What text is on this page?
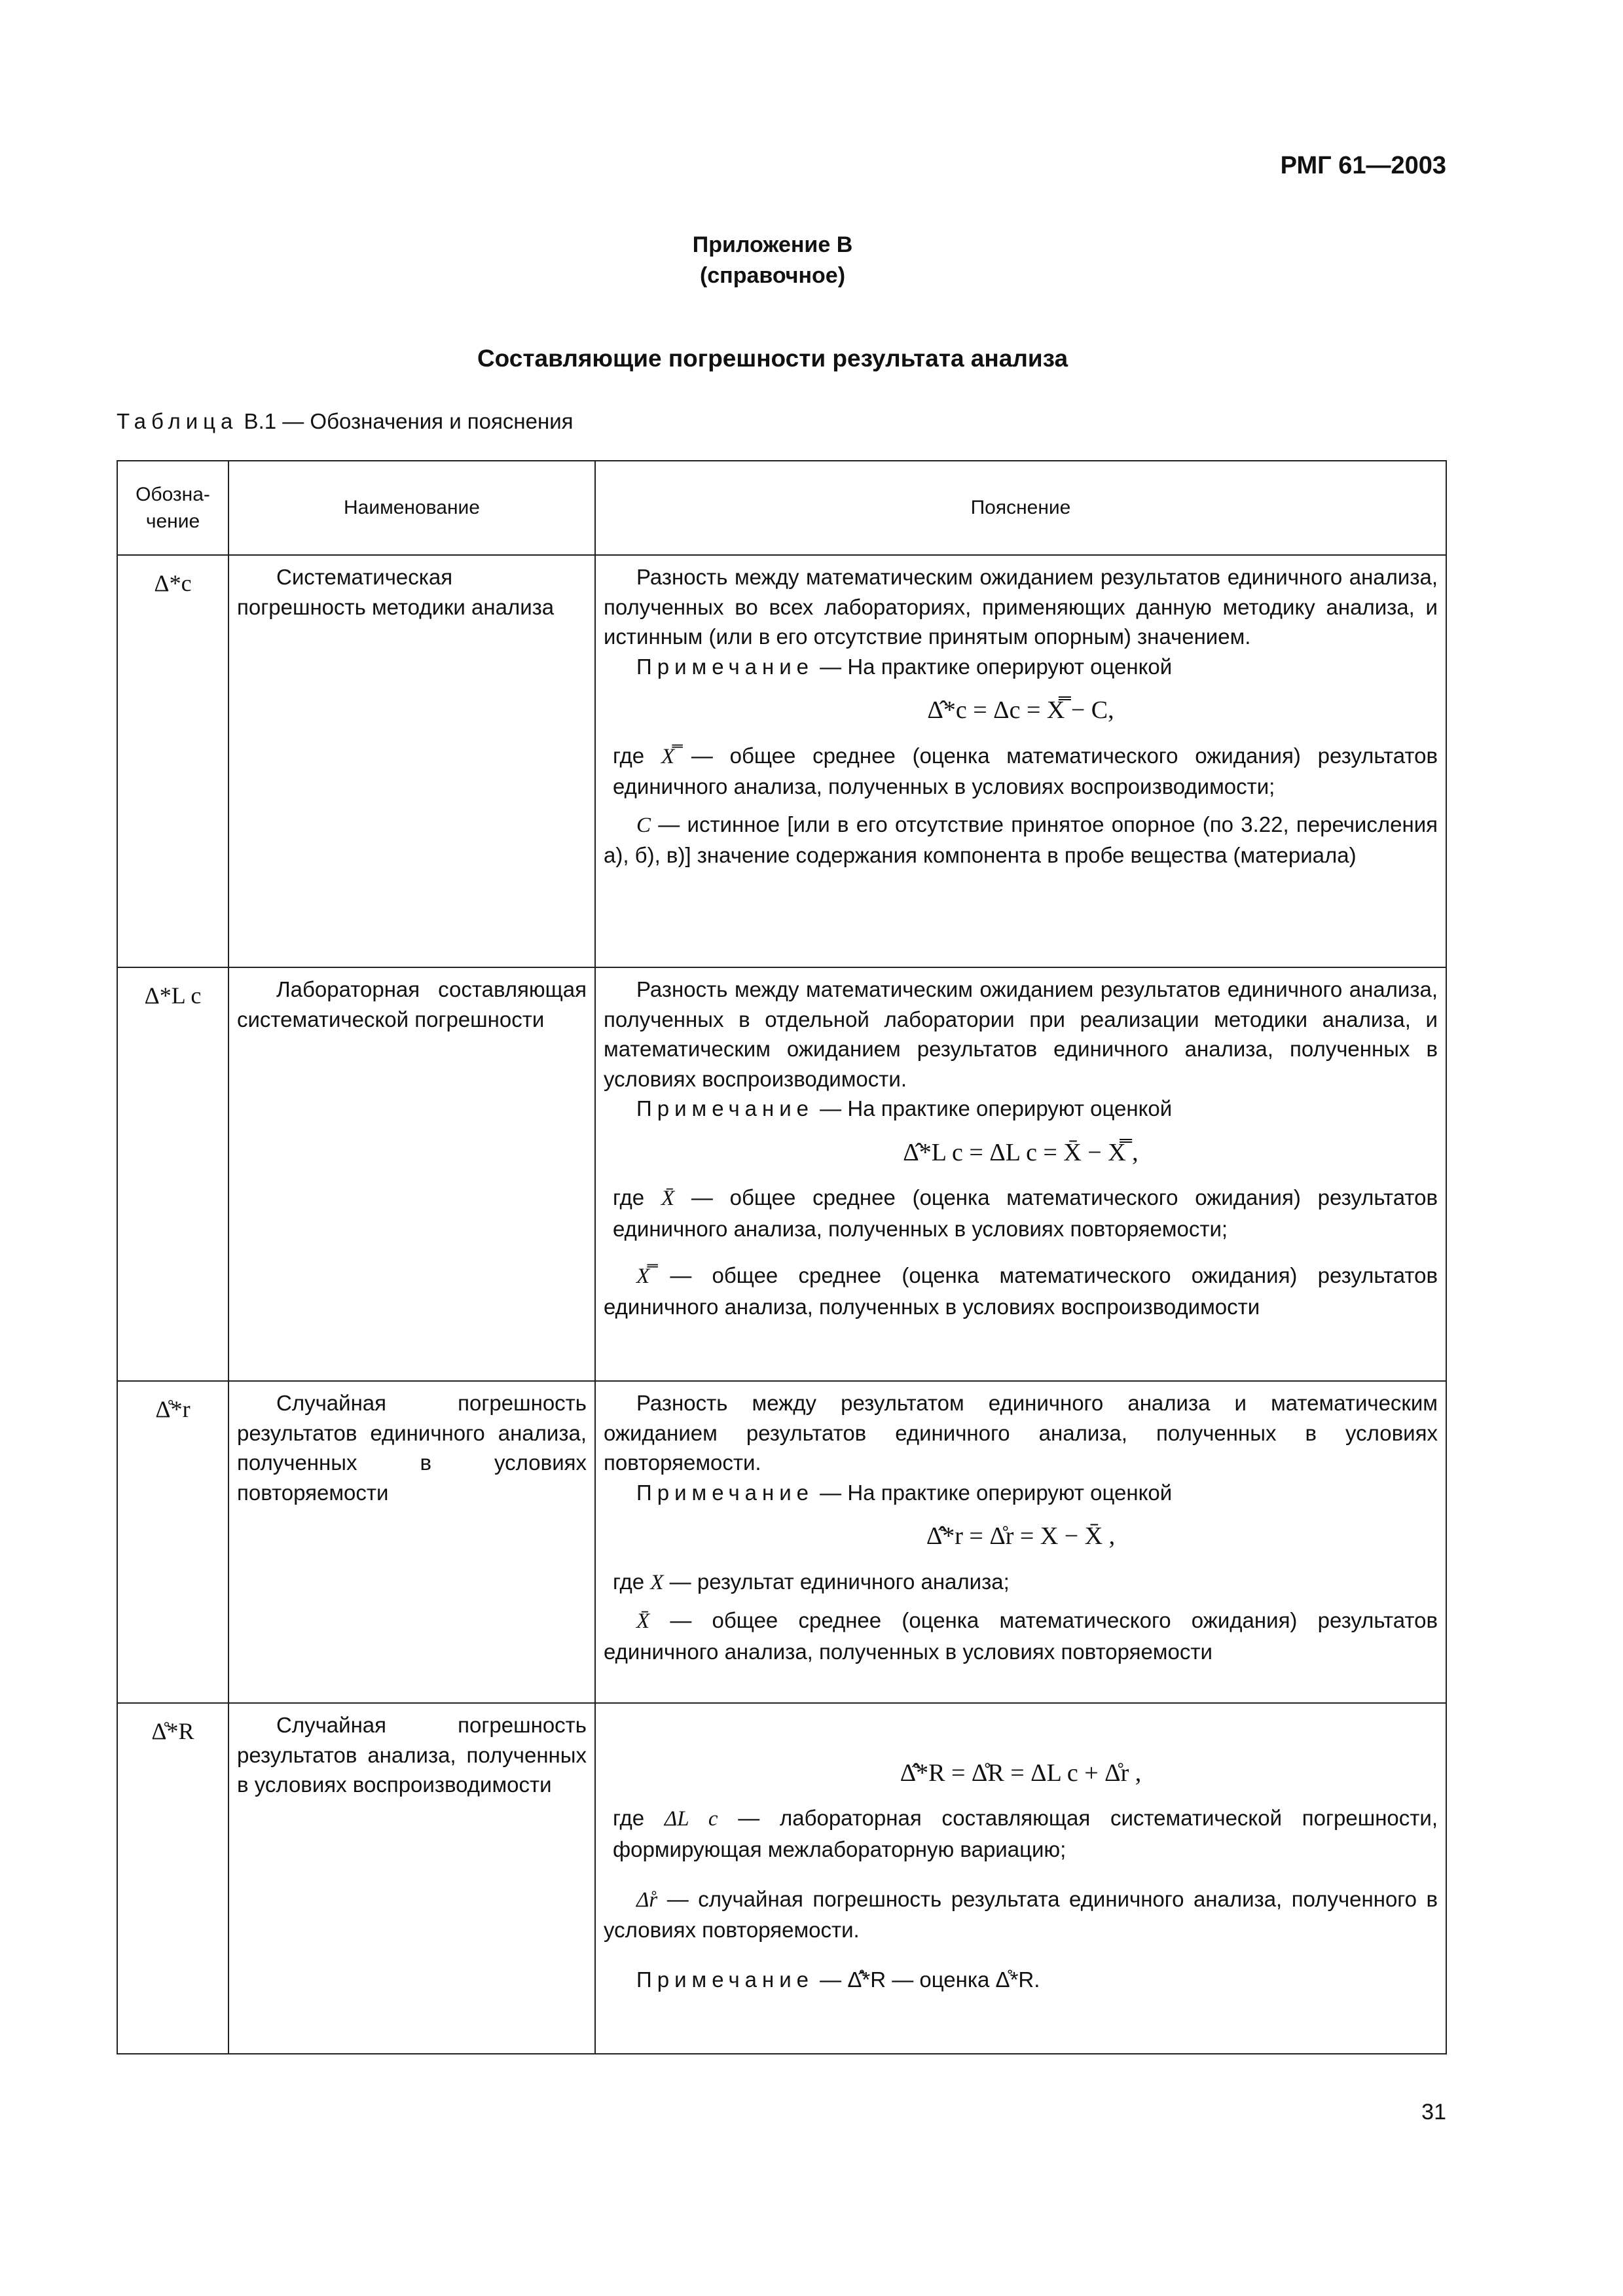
РМГ 61—2003
Приложение В
(справочное)
Составляющие погрешности результата анализа
Таблица В.1 — Обозначения и пояснения
Обозна-чение	Наименование	Пояснение
Δ*c	Систематическая погрешность методики анализа	Разность между математическим ожиданием результатов единичного анализа, полученных во всех лабораториях, применяющих данную методику анализа, и истинным (или в его отсутствие принятым опорным) значением.

Примечание — На практике оперируют оценкой

Δ̂*c = Δc = X̿ − C,

где X̿ — общее среднее (оценка математического ожидания) результатов единичного анализа, полученных в условиях воспроизводимости;

C — истинное [или в его отсутствие принятое опорное (по 3.22, перечисления а), б), в)] значение содержания компонента в пробе вещества (материала)

Δ*L c	Лабораторная составляющая систематической погрешности	Разность между математическим ожиданием результатов единичного анализа, полученных в отдельной лаборатории при реализации методики анализа, и математическим ожиданием результатов единичного анализа, полученных в условиях воспроизводимости.

Примечание — На практике оперируют оценкой

Δ̂*L c = ΔL c = X̄ − X̿ ,

где X̄ — общее среднее (оценка математического ожидания) результатов единичного анализа, полученных в условиях повторяемости;

X̿ — общее среднее (оценка математического ожидания) результатов единичного анализа, полученных в условиях воспроизводимости

Δ̊*r	Случайная погрешность результатов единичного анализа, полученных в условиях повторяемости	Разность между результатом единичного анализа и математическим ожиданием результатов единичного анализа, полученных в условиях повторяемости.

Примечание — На практике оперируют оценкой

Δ̊̂*r = Δ̊r = X − X̄ ,

где X — результат единичного анализа;

X̄ — общее среднее (оценка математического ожидания) результатов единичного анализа, полученных в условиях повторяемости

Δ̊*R	Случайная погрешность результатов анализа, полученных в условиях воспроизводимости	Δ̊̂*R = Δ̊R = ΔL c + Δ̊r ,

где ΔL c — лабораторная составляющая систематической погрешности, формирующая межлабораторную вариацию;

Δ̊r — случайная погрешность результата единичного анализа, полученного в условиях повторяемости.

Примечание — Δ̊̂*R — оценка Δ̊*R.

31
